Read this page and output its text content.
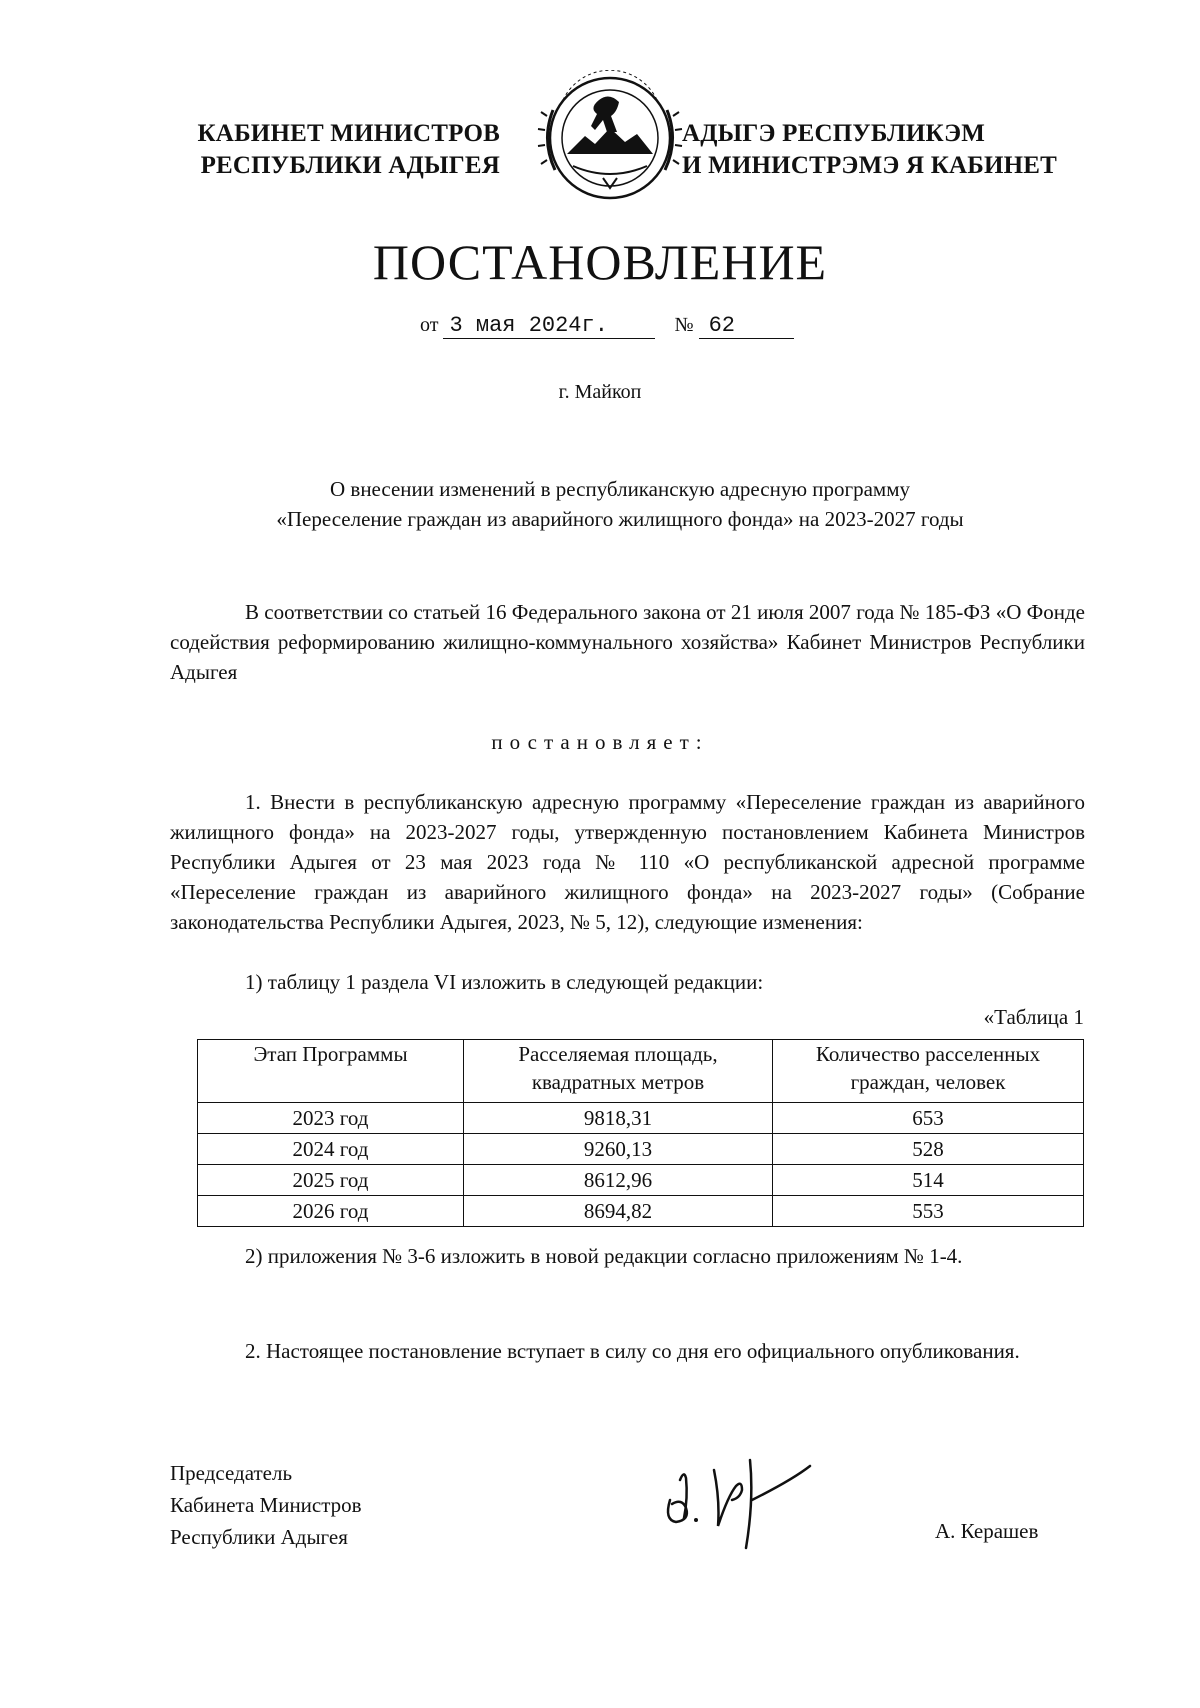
КАБИНЕТ МИНИСТРОВ
РЕСПУБЛИКИ АДЫГЕЯ
АДЫГЭ РЕСПУБЛИКЭМ
И МИНИСТРЭМЭ Я КАБИНЕТ
ПОСТАНОВЛЕНИЕ
от 3 мая 2024г.	№ 62
г. Майкоп
О внесении изменений в республиканскую адресную программу
«Переселение граждан из аварийного жилищного фонда» на 2023-2027 годы
В соответствии со статьей 16 Федерального закона от 21 июля 2007 года № 185-ФЗ «О Фонде содействия реформированию жилищно-коммунального хозяйства» Кабинет Министров Республики Адыгея
постановляет:
1. Внести в республиканскую адресную программу «Переселение граждан из аварийного жилищного фонда» на 2023-2027 годы, утвержденную постановлением Кабинета Министров Республики Адыгея от 23 мая 2023 года № 110 «О республиканской адресной программе «Переселение граждан из аварийного жилищного фонда» на 2023-2027 годы» (Собрание законодательства Республики Адыгея, 2023, № 5, 12), следующие изменения:
1) таблицу 1 раздела VI изложить в следующей редакции:
«Таблица 1
Этап Программы	Расселяемая площадь, квадратных метров	Количество расселенных граждан, человек
2023 год	9818,31	653
2024 год	9260,13	528
2025 год	8612,96	514
2026 год	8694,82	553
2) приложения № 3-6 изложить в новой редакции согласно приложениям № 1-4.
2. Настоящее постановление вступает в силу со дня его официального опубликования.
Председатель
Кабинета Министров
Республики Адыгея	А. Керашев
